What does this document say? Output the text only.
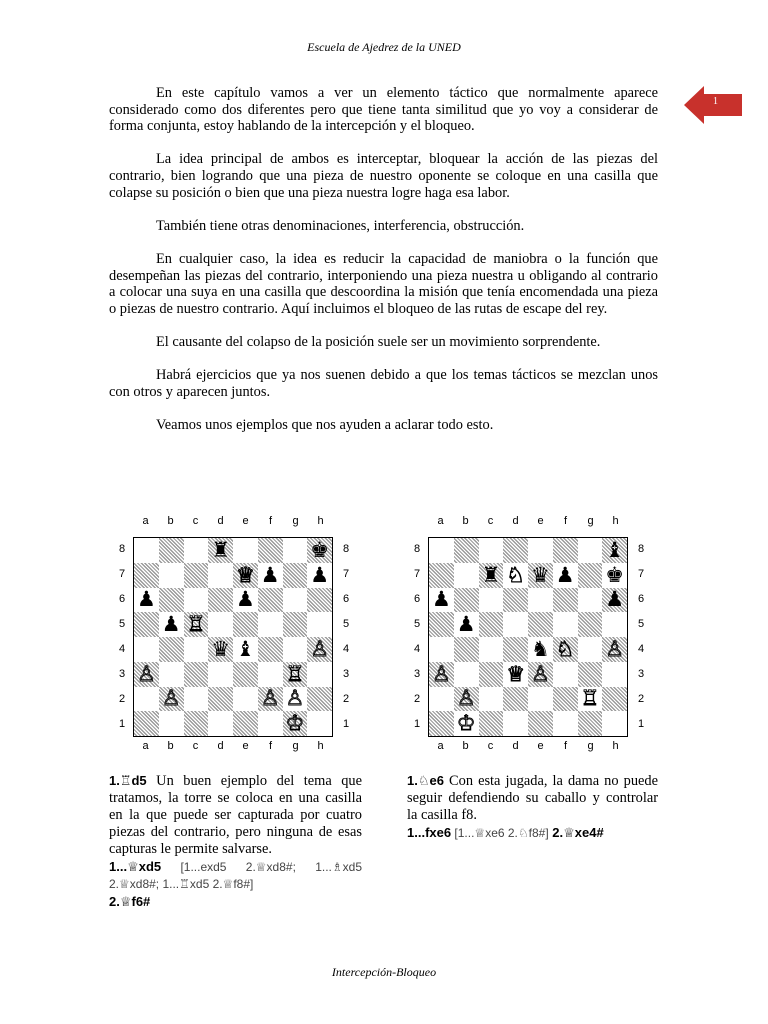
Escuela de Ajedrez de la UNED
1

En este capítulo vamos a ver un elemento táctico que normalmente aparece considerado como dos diferentes pero que tiene tanta similitud que yo voy a considerar de forma conjunta, estoy hablando de la intercepción y el bloqueo.

La idea principal de ambos es interceptar, bloquear la acción de las piezas del contrario, bien logrando que una pieza de nuestro oponente se coloque en una casilla que colapse su posición o bien que una pieza nuestra logre haga esa labor.

También tiene otras denominaciones, interferencia, obstrucción.

En cualquier caso, la idea es reducir la capacidad de maniobra o la función que desempeñan las piezas del contrario, interponiendo una pieza nuestra u obligando al contrario a colocar una suya en una casilla que descoordina la misión que tenía encomendada una pieza o piezas de nuestro contrario. Aquí incluimos el bloqueo de las rutas de escape del rey.

El causante del colapso de la posición suele ser un movimiento sorprendente.

Habrá ejercicios que ya nos suenen debido a que los temas tácticos se mezclan unos con otros y aparecen juntos.

Veamos unos ejemplos que nos ayuden a aclarar todo esto.

a	b	c	d	e	f	g	h
a	b	c	d	e	f	g	h
8
7
6
5
4
3
2
1
8
7
6
5
4
3
2
1
♜	♚
♕ ♟ ♟
♟	♟
♟ ♖
♛ ♝	♙
♙	♖
♙	♙ ♙
♔
a	b	c	d	e	f	g	h
a	b	c	d	e	f	g	h
8
7
6
5
4
3
2
1
8
7
6
5
4
3
2
1
♝
♜ ♘ ♛ ♟ ♚
♟	♟
♟
♞ ♘ ♙
♙	♕ ♙
♙	♖
♔
1.♖d5 Un buen ejemplo del tema que tratamos, la torre se coloca en una casilla en la que puede ser capturada por cuatro piezas del contrario, pero ninguna de esas capturas le permite salvarse.
1...♕xd5 [1...exd5 2.♕xd8#; 1...♗xd5 2.♕xd8#; 1...♖xd5 2.♕f8#]
2.♕f6#
1.♘e6 Con esta jugada, la dama no puede seguir defendiendo su caballo y controlar la casilla f8.
1...fxe6 [1...♕xe6 2.♘f8#] 2.♕xe4#
Intercepción-Bloqueo
